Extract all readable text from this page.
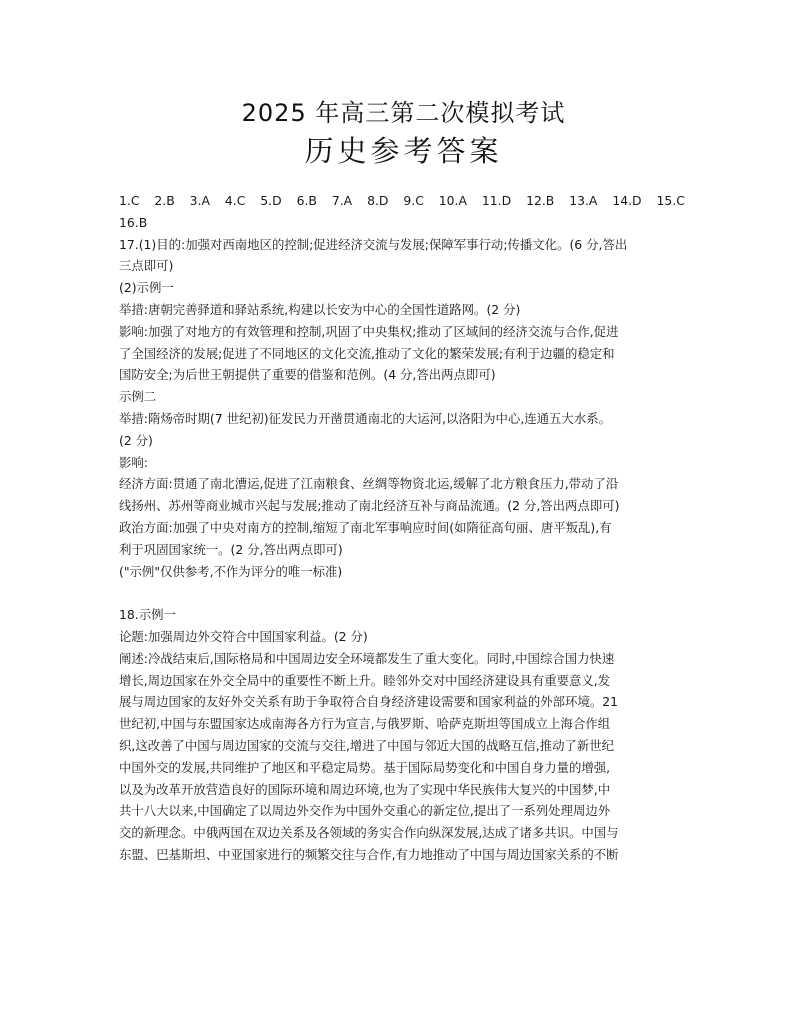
2025 年高三第二次模拟考试
历史参考答案
1.C 2.B 3.A 4.C 5.D 6.B 7.A 8.D 9.C 10.A 11.D 12.B 13.A 14.D 15.C
16.B
17.(1)目的:加强对西南地区的控制;促进经济交流与发展;保障军事行动;传播文化。(6 分,答出
三点即可)
(2)示例一
举措:唐朝完善驿道和驿站系统,构建以长安为中心的全国性道路网。(2 分)
影响:加强了对地方的有效管理和控制,巩固了中央集权;推动了区域间的经济交流与合作,促进
了全国经济的发展;促进了不同地区的文化交流,推动了文化的繁荣发展;有利于边疆的稳定和
国防安全;为后世王朝提供了重要的借鉴和范例。(4 分,答出两点即可)
示例二
举措:隋炀帝时期(7 世纪初)征发民力开凿贯通南北的大运河,以洛阳为中心,连通五大水系。
(2 分)
影响:
经济方面:贯通了南北漕运,促进了江南粮食、丝绸等物资北运,缓解了北方粮食压力,带动了沿
线扬州、苏州等商业城市兴起与发展;推动了南北经济互补与商品流通。(2 分,答出两点即可)
政治方面:加强了中央对南方的控制,缩短了南北军事响应时间(如隋征高句丽、唐平叛乱),有
利于巩固国家统一。(2 分,答出两点即可)
("示例"仅供参考,不作为评分的唯一标准)
18.示例一
论题:加强周边外交符合中国国家利益。(2 分)
阐述:冷战结束后,国际格局和中国周边安全环境都发生了重大变化。同时,中国综合国力快速
增长,周边国家在外交全局中的重要性不断上升。睦邻外交对中国经济建设具有重要意义,发
展与周边国家的友好外交关系有助于争取符合自身经济建设需要和国家利益的外部环境。21
世纪初,中国与东盟国家达成南海各方行为宣言,与俄罗斯、哈萨克斯坦等国成立上海合作组
织,这改善了中国与周边国家的交流与交往,增进了中国与邻近大国的战略互信,推动了新世纪
中国外交的发展,共同维护了地区和平稳定局势。基于国际局势变化和中国自身力量的增强,
以及为改革开放营造良好的国际环境和周边环境,也为了实现中华民族伟大复兴的中国梦,中
共十八大以来,中国确定了以周边外交作为中国外交重心的新定位,提出了一系列处理周边外
交的新理念。中俄两国在双边关系及各领域的务实合作向纵深发展,达成了诸多共识。中国与
东盟、巴基斯坦、中亚国家进行的频繁交往与合作,有力地推动了中国与周边国家关系的不断
